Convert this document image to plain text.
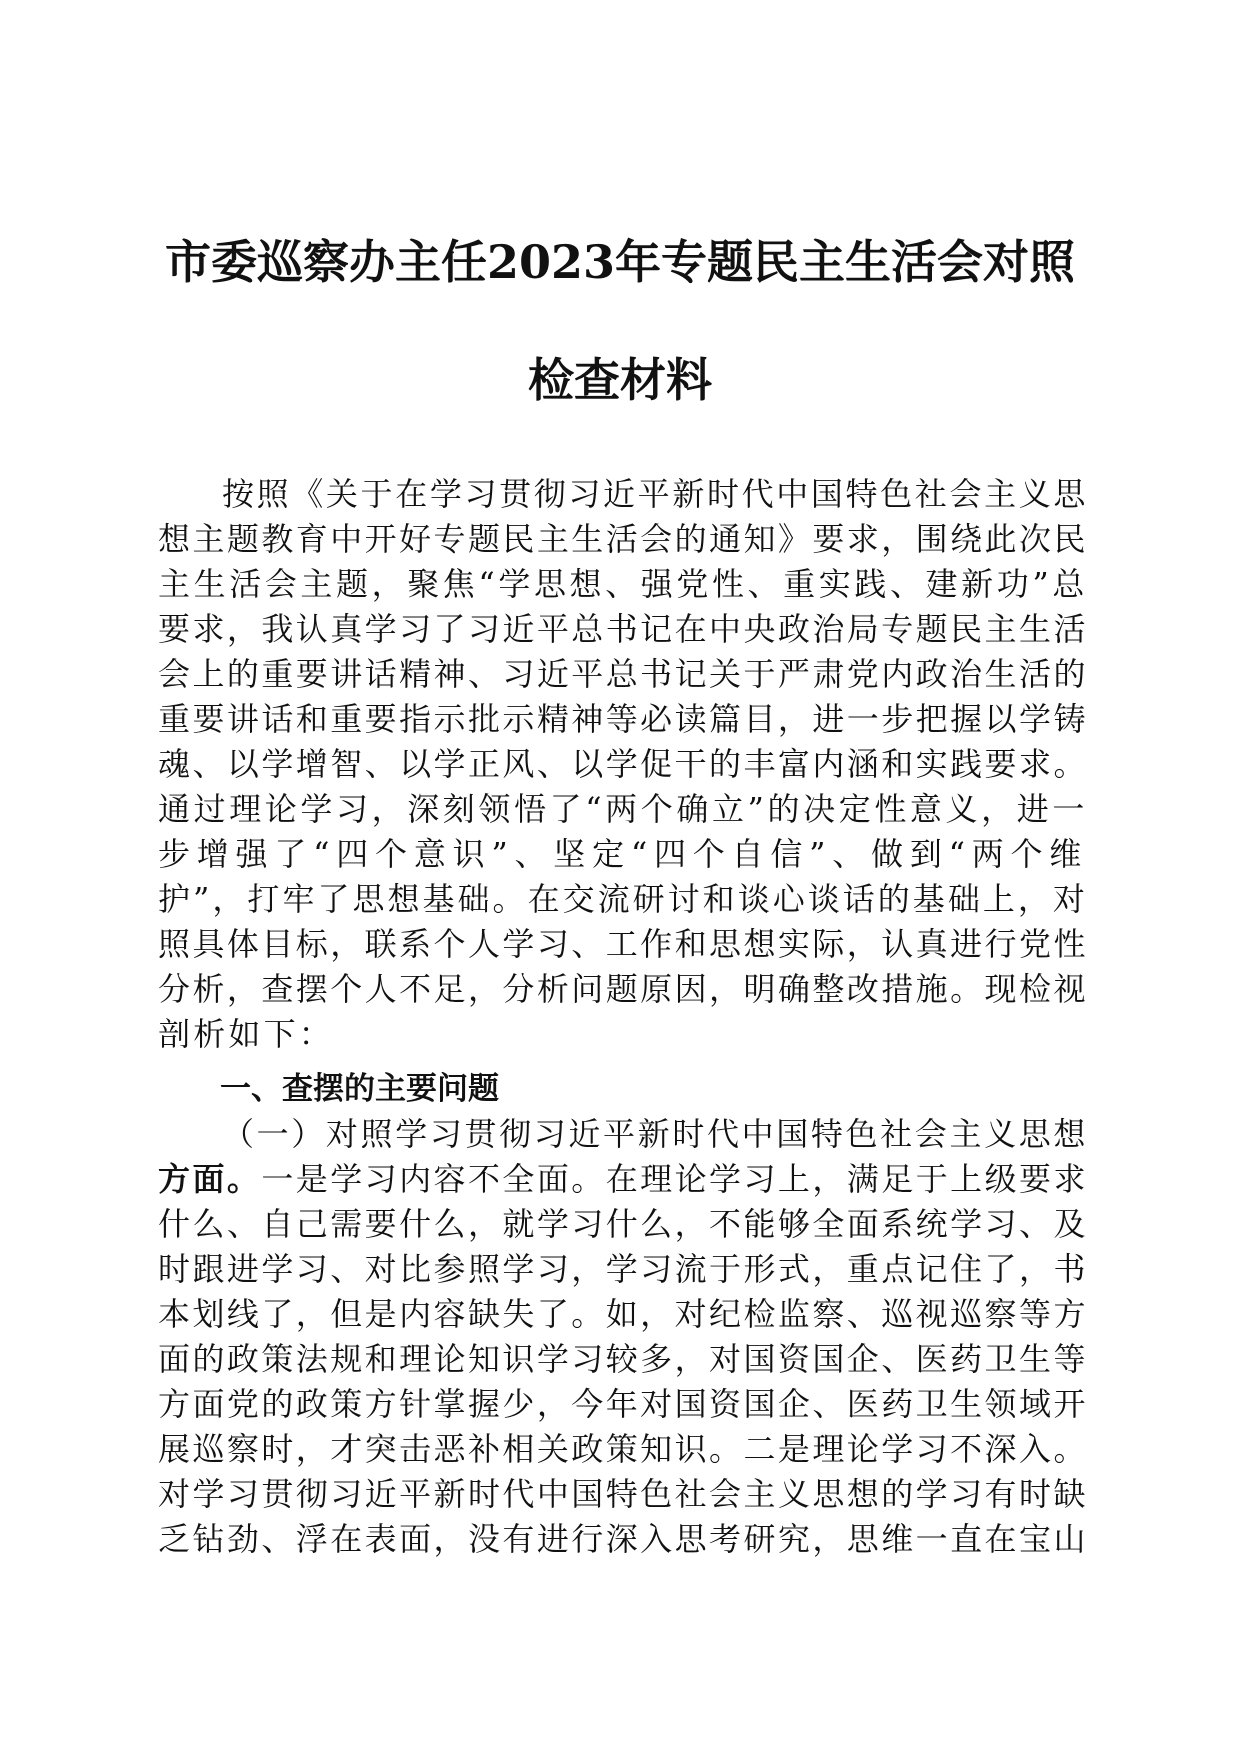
市委巡察办主任2023年专题民主生活会对照
检查材料
按照《关于在学习贯彻习近平新时代中国特色社会主义思
想主题教育中开好专题民主生活会的通知》要求，围绕此次民
主生活会主题，聚焦“学思想、强党性、重实践、建新功”总
要求，我认真学习了习近平总书记在中央政治局专题民主生活
会上的重要讲话精神、习近平总书记关于严肃党内政治生活的
重要讲话和重要指示批示精神等必读篇目，进一步把握以学铸
魂、以学增智、以学正风、以学促干的丰富内涵和实践要求。
通过理论学习，深刻领悟了“两个确立”的决定性意义，进一
步增强了“四个意识”、坚定“四个自信”、做到“两个维
护”，打牢了思想基础。在交流研讨和谈心谈话的基础上，对
照具体目标，联系个人学习、工作和思想实际，认真进行党性
分析，查摆个人不足，分析问题原因，明确整改措施。现检视
剖析如下：
一、查摆的主要问题
（一）对照学习贯彻习近平新时代中国特色社会主义思想
方面。一是学习内容不全面。在理论学习上，满足于上级要求
什么、自己需要什么，就学习什么，不能够全面系统学习、及
时跟进学习、对比参照学习，学习流于形式，重点记住了，书
本划线了，但是内容缺失了。如，对纪检监察、巡视巡察等方
面的政策法规和理论知识学习较多，对国资国企、医药卫生等
方面党的政策方针掌握少，今年对国资国企、医药卫生领域开
展巡察时，才突击恶补相关政策知识。二是理论学习不深入。
对学习贯彻习近平新时代中国特色社会主义思想的学习有时缺
乏钻劲、浮在表面，没有进行深入思考研究，思维一直在宝山
